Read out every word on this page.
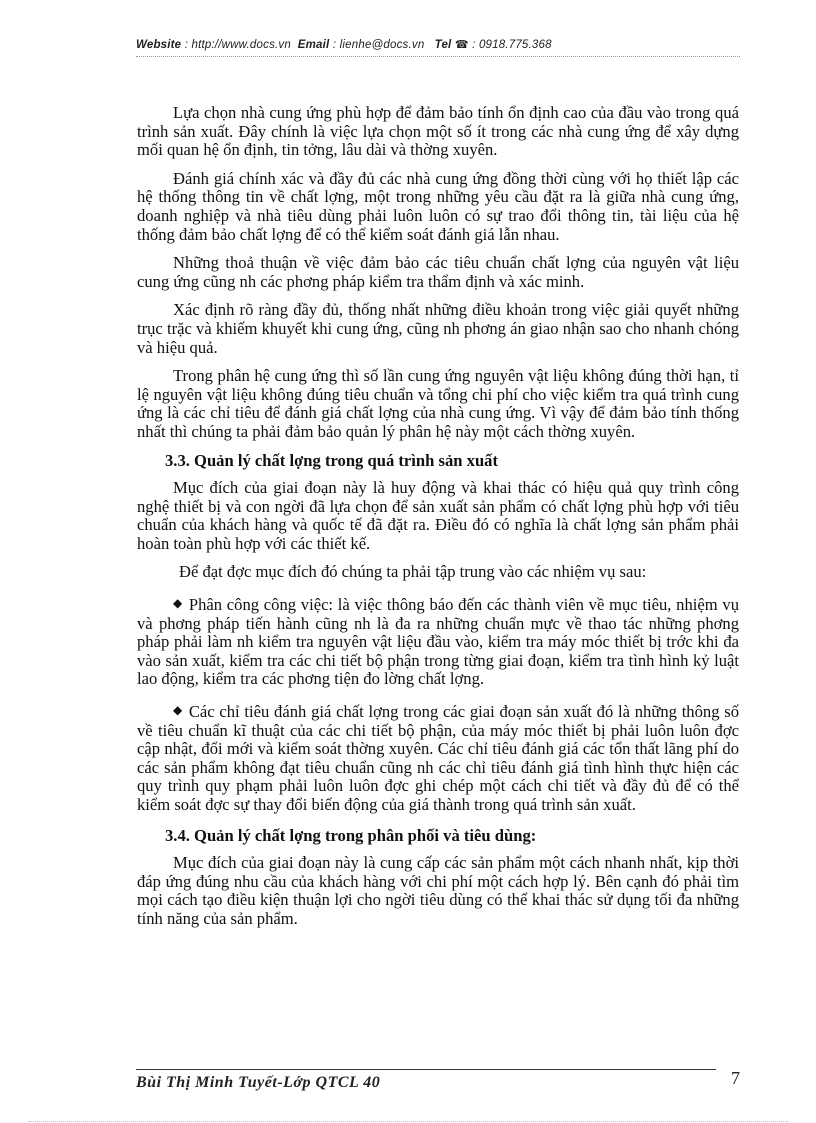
Website : http://www.docs.vn Email : lienhe@docs.vn Tel ☎ : 0918.775.368

Lựa chọn nhà cung ứng phù hợp để đảm bảo tính ổn định cao của đầu vào trong quá trình sản xuất. Đây chính là việc lựa chọn một số ít trong các nhà cung ứng để xây dựng mối quan hệ ổn định, tin tởng, lâu dài và thờng xuyên.

Đánh giá chính xác và đầy đủ các nhà cung ứng đồng thời cùng với họ thiết lập các hệ thống thông tin về chất lợng, một trong những yêu cầu đặt ra là giữa nhà cung ứng, doanh nghiệp và nhà tiêu dùng phải luôn luôn có sự trao đổi thông tin, tài liệu của hệ thống đảm bảo chất lợng để có thể kiểm soát đánh giá lẫn nhau.

Những thoả thuận về việc đảm bảo các tiêu chuẩn chất lợng của nguyên vật liệu cung ứng cũng nh các phơng pháp kiểm tra thẩm định và xác minh.

Xác định rõ ràng đầy đủ, thống nhất những điều khoản trong việc giải quyết những trục trặc và khiếm khuyết khi cung ứng, cũng nh phơng án giao nhận sao cho nhanh chóng và hiệu quả.

Trong phân hệ cung ứng thì số lần cung ứng nguyên vật liệu không đúng thời hạn, tỉ lệ nguyên vật liệu không đúng tiêu chuẩn và tổng chi phí cho việc kiểm tra quá trình cung ứng là các chỉ tiêu để đánh giá chất lợng của nhà cung ứng. Vì vậy để đảm bảo tính thống nhất thì chúng ta phải đảm bảo quản lý phân hệ này một cách thờng xuyên.

3.3. Quản lý chất lợng trong quá trình sản xuất

Mục đích của giai đoạn này là huy động và khai thác có hiệu quả quy trình công nghệ thiết bị và con ngời đã lựa chọn để sản xuất sản phẩm có chất lợng phù hợp với tiêu chuẩn của khách hàng và quốc tế đã đặt ra. Điều đó có nghĩa là chất lợng sản phẩm phải hoàn toàn phù hợp với các thiết kế.

Để đạt đợc mục đích đó chúng ta phải tập trung vào các nhiệm vụ sau:

◆ Phân công công việc: là việc thông báo đến các thành viên về mục tiêu, nhiệm vụ và phơng pháp tiến hành cũng nh là đa ra những chuẩn mực về thao tác những phơng pháp phải làm nh kiểm tra nguyên vật liệu đầu vào, kiểm tra máy móc thiết bị trớc khi đa vào sản xuất, kiểm tra các chi tiết bộ phận trong từng giai đoạn, kiểm tra tình hình kỷ luật lao động, kiểm tra các phơng tiện đo lờng chất lợng.

◆ Các chỉ tiêu đánh giá chất lợng trong các giai đoạn sản xuất đó là những thông số về tiêu chuẩn kĩ thuật của các chi tiết bộ phận, của máy móc thiết bị phải luôn luôn đợc cập nhật, đổi mới và kiểm soát thờng xuyên. Các chỉ tiêu đánh giá các tổn thất lãng phí do các sản phẩm không đạt tiêu chuẩn cũng nh các chỉ tiêu đánh giá tình hình thực hiện các quy trình quy phạm phải luôn luôn đợc ghi chép một cách chi tiết và đầy đủ để có thể kiểm soát đợc sự thay đổi biến động của giá thành trong quá trình sản xuất.

3.4. Quản lý chất lợng trong phân phối và tiêu dùng:

Mục đích của giai đoạn này là cung cấp các sản phẩm một cách nhanh nhất, kịp thời đáp ứng đúng nhu cầu của khách hàng với chi phí một cách hợp lý. Bên cạnh đó phải tìm mọi cách tạo điều kiện thuận lợi cho ngời tiêu dùng có thể khai thác sử dụng tối đa những tính năng của sản phẩm.

Bùi Thị Minh Tuyết-Lớp QTCL 40	7
